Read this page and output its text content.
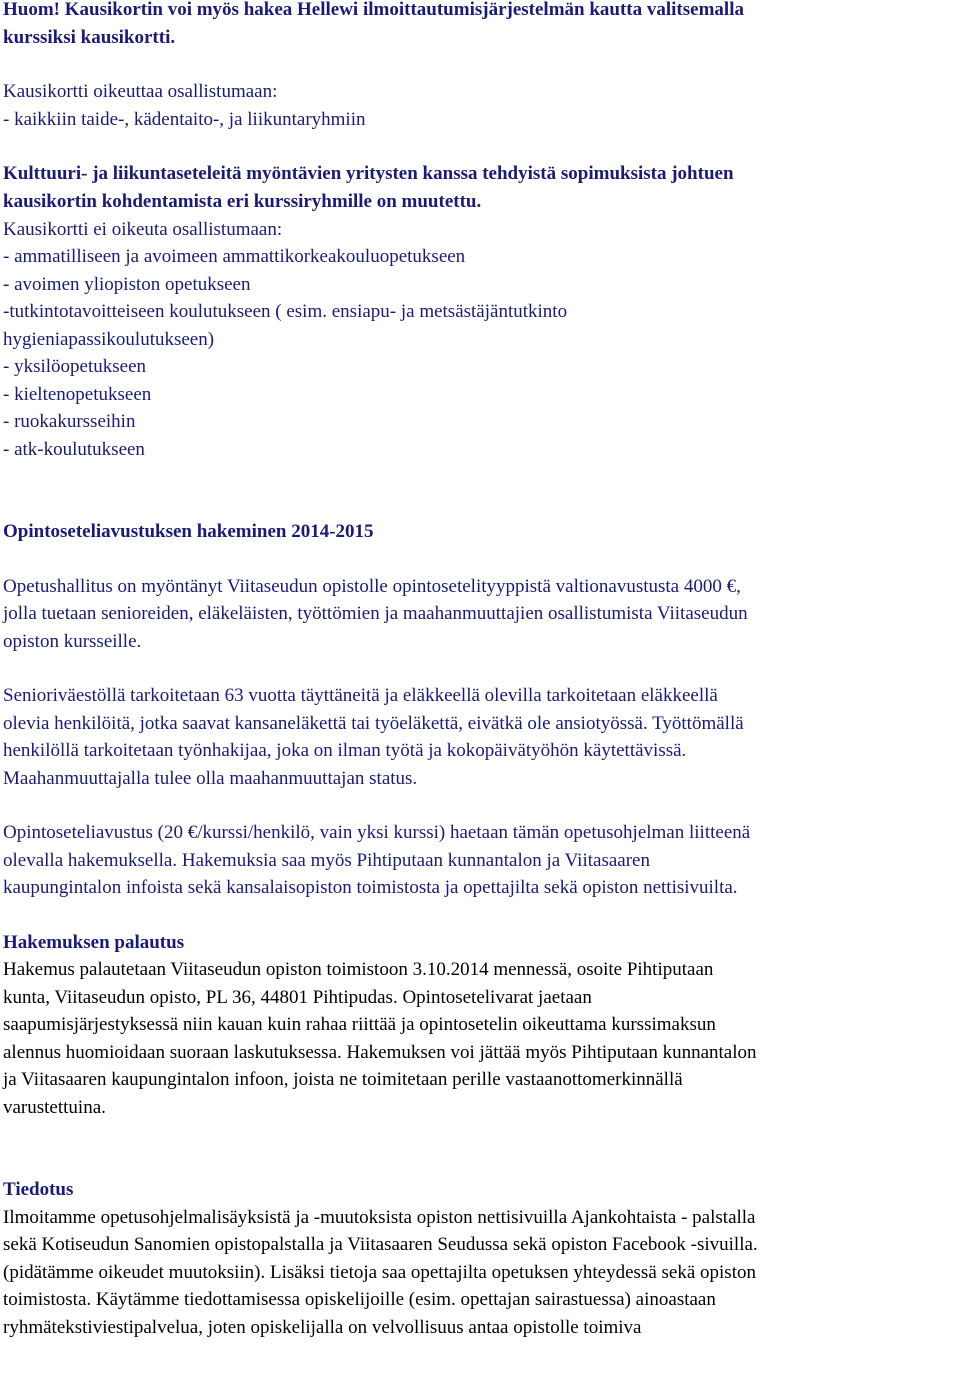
Huom! Kausikortin voi myös hakea Hellewi ilmoittautumisjärjestelmän kautta valitsemalla
kurssiksi kausikortti.

Kausikortti oikeuttaa osallistumaan:
- kaikkiin taide-, kädentaito-, ja liikuntaryhmiin

Kulttuuri- ja liikuntaseteleitä myöntävien yritysten kanssa tehdyistä sopimuksista johtuen
kausikortin kohdentamista eri kurssiryhmille on muutettu.

Kausikortti ei oikeuta osallistumaan:
- ammatilliseen ja avoimeen ammattikorkeakouluopetukseen
- avoimen yliopiston opetukseen
-tutkintotavoitteiseen koulutukseen ( esim. ensiapu- ja metsästäjäntutkinto
hygieniapassikoulutukseen)
- yksilöopetukseen
- kieltenopetukseen
- ruokakursseihin
- atk-koulutukseen

Opintoseteliavustuksen hakeminen 2014-2015

Opetushallitus on myöntänyt Viitaseudun opistolle opintosetelityyppistä valtionavustusta 4000 €,
jolla tuetaan senioreiden, eläkeläisten, työttömien ja maahanmuuttajien osallistumista Viitaseudun
opiston kursseille.

Senioriväestöllä tarkoitetaan 63 vuotta täyttäneitä ja eläkkeellä olevilla tarkoitetaan eläkkeellä
olevia henkilöitä, jotka saavat kansaneläkettä tai työeläkettä, eivätkä ole ansiotyössä. Työttömällä
henkilöllä tarkoitetaan työnhakijaa, joka on ilman työtä ja kokopäivätyöhön käytettävissä.
Maahanmuuttajalla tulee olla maahanmuuttajan status.

Opintoseteliavustus (20 €/kurssi/henkilö, vain yksi kurssi) haetaan tämän opetusohjelman liitteenä
olevalla hakemuksella. Hakemuksia saa myös Pihtiputaan kunnantalon ja Viitasaaren
kaupungintalon infoista sekä kansalaisopiston toimistosta ja opettajilta sekä opiston nettisivuilta.

Hakemuksen palautus

Hakemus palautetaan Viitaseudun opiston toimistoon 3.10.2014 mennessä, osoite Pihtiputaan
kunta, Viitaseudun opisto, PL 36, 44801 Pihtipudas. Opintosetelivarat jaetaan
saapumisjärjestyksessä niin kauan kuin rahaa riittää ja opintosetelin oikeuttama kurssimaksun
alennus huomioidaan suoraan laskutuksessa. Hakemuksen voi jättää myös Pihtiputaan kunnantalon
ja Viitasaaren kaupungintalon infoon, joista ne toimitetaan perille vastaanottomerkinnällä
varustettuina.

Tiedotus

Ilmoitamme opetusohjelmalisäyksistä ja -muutoksista opiston nettisivuilla Ajankohtaista - palstalla
sekä Kotiseudun Sanomien opistopalstalla ja Viitasaaren Seudussa sekä opiston Facebook -sivuilla.
(pidätämme oikeudet muutoksiin). Lisäksi tietoja saa opettajilta opetuksen yhteydessä sekä opiston
toimistosta. Käytämme tiedottamisessa opiskelijoille (esim. opettajan sairastuessa) ainoastaan
ryhmätekstiviestipalvelua, joten opiskelijalla on velvollisuus antaa opistolle toimiva
